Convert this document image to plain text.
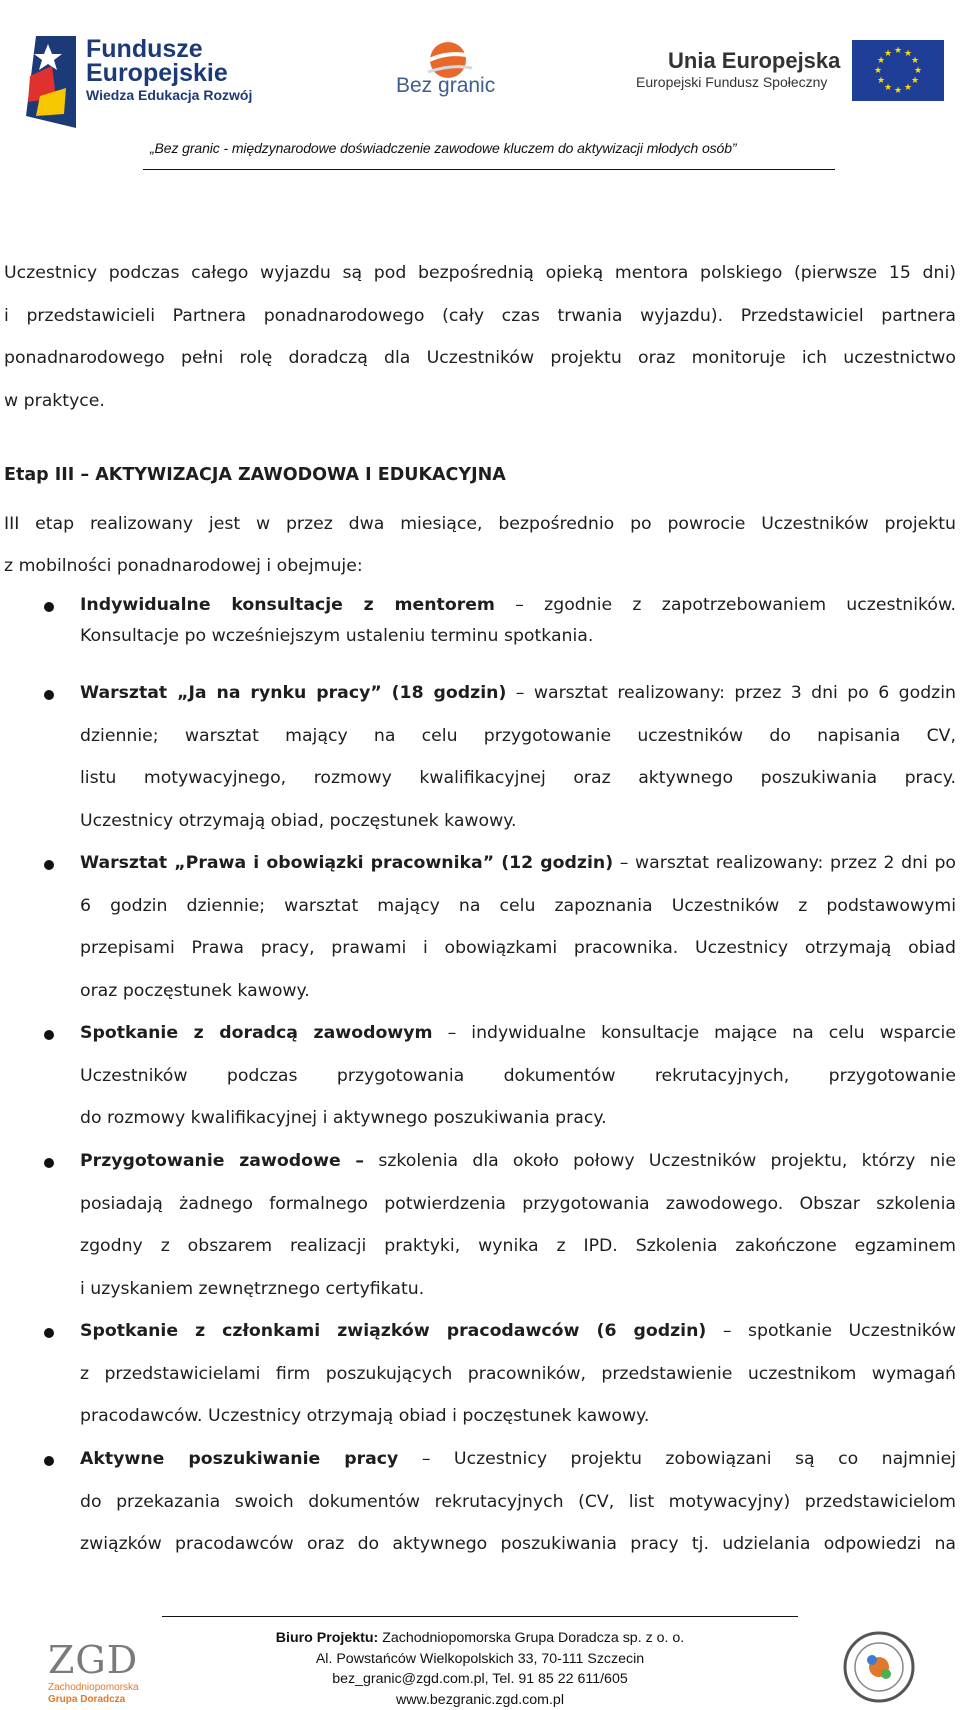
Fundusze
Europejskie
Wiedza Edukacja Rozwój	Bez granic
Unia Europejska
Europejski Fundusz Społeczny
★ ★
★
★
★
★
★
★
★
★
★
★
„Bez granic - międzynarodowe doświadczenie zawodowe kluczem do aktywizacji młodych osób”
Uczestnicy podczas całego wyjazdu są pod bezpośrednią opieką mentora polskiego (pierwsze 15 dni)
i przedstawicieli Partnera ponadnarodowego (cały czas trwania wyjazdu). Przedstawiciel partnera
ponadnarodowego pełni rolę doradczą dla Uczestników projektu oraz monitoruje ich uczestnictwo
w praktyce.
Etap III – AKTYWIZACJA ZAWODOWA I EDUKACYJNA
III etap realizowany jest w przez dwa miesiące, bezpośrednio po powrocie Uczestników projektu
z mobilności ponadnarodowej i obejmuje:
Indywidualne konsultacje z mentorem – zgodnie z zapotrzebowaniem uczestników.
Konsultacje po wcześniejszym ustaleniu terminu spotkania.
Warsztat „Ja na rynku pracy” (18 godzin) – warsztat realizowany: przez 3 dni po 6 godzin
dziennie; warsztat mający na celu przygotowanie uczestników do napisania CV,
listu motywacyjnego, rozmowy kwalifikacyjnej oraz aktywnego poszukiwania pracy.
Uczestnicy otrzymają obiad, poczęstunek kawowy.
Warsztat „Prawa i obowiązki pracownika” (12 godzin) – warsztat realizowany: przez 2 dni po
6 godzin dziennie; warsztat mający na celu zapoznania Uczestników z podstawowymi
przepisami Prawa pracy, prawami i obowiązkami pracownika. Uczestnicy otrzymają obiad
oraz poczęstunek kawowy.
Spotkanie z doradcą zawodowym – indywidualne konsultacje mające na celu wsparcie
Uczestników podczas przygotowania dokumentów rekrutacyjnych, przygotowanie
do rozmowy kwalifikacyjnej i aktywnego poszukiwania pracy.
Przygotowanie zawodowe – szkolenia dla około połowy Uczestników projektu, którzy nie
posiadają żadnego formalnego potwierdzenia przygotowania zawodowego. Obszar szkolenia
zgodny z obszarem realizacji praktyki, wynika z IPD. Szkolenia zakończone egzaminem
i uzyskaniem zewnętrznego certyfikatu.
Spotkanie z członkami związków pracodawców (6 godzin) – spotkanie Uczestników
z przedstawicielami firm poszukujących pracowników, przedstawienie uczestnikom wymagań
pracodawców. Uczestnicy otrzymają obiad i poczęstunek kawowy.
Aktywne poszukiwanie pracy – Uczestnicy projektu zobowiązani są co najmniej
do przekazania swoich dokumentów rekrutacyjnych (CV, list motywacyjny) przedstawicielom
związków pracodawców oraz do aktywnego poszukiwania pracy tj. udzielania odpowiedzi na
ZGD
Zachodniopomorska
Grupa Doradcza
Biuro Projektu: Zachodniopomorska Grupa Doradcza sp. z o. o.
Al. Powstańców Wielkopolskich 33, 70-111 Szczecin
bez_granic@zgd.com.pl, Tel. 91 85 22 611/605
www.bezgranic.zgd.com.pl
